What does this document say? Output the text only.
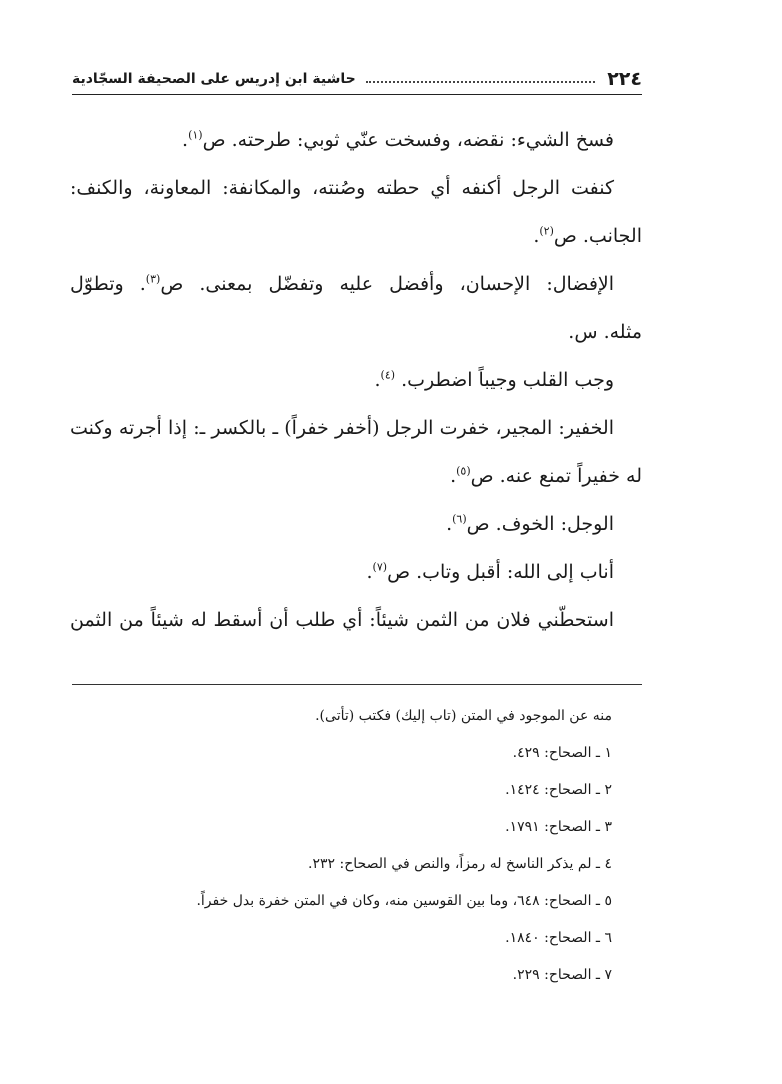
٢٢٤
حاشية ابن إدريس على الصحيفة السجّادية

فسخ الشيء: نقضه، وفسخت عنّي ثوبي: طرحته. ص$^{(١)}$.

كنفت الرجل أكنفه أي حطته وصُنته، والمكانفة: المعاونة، والكنف: الجانب. ص$^{(٢)}$.

الإفضال: الإحسان، وأفضل عليه وتفضّل بمعنى. ص$^{(٣)}$. وتطوّل

مثله. س.

وجب القلب وجيباً اضطرب. $^{(٤)}$.

الخفير: المجير، خفرت الرجل (أخفر خفراً) ـ بالكسر ـ: إذا أجرته وكنت له خفيراً تمنع عنه. ص$^{(٥)}$.

الوجل: الخوف. ص$^{(٦)}$.

أناب إلى الله: أقبل وتاب. ص$^{(٧)}$.

استحطّني فلان من الثمن شيئاً: أي طلب أن أسقط له شيئاً من الثمن

منه عن الموجود في المتن (تاب إليك) فكتب (تأتى).

١ ـ الصحاح: ٤٢٩.

٢ ـ الصحاح: ١٤٢٤.

٣ ـ الصحاح: ١٧٩١.

٤ ـ لم يذكر الناسخ له رمزاً، والنص في الصحاح: ٢٣٢.

٥ ـ الصحاح: ٦٤٨، وما بين القوسين منه، وكان في المتن خفرة بدل خفراً.

٦ ـ الصحاح: ١٨٤٠.

٧ ـ الصحاح: ٢٢٩.
